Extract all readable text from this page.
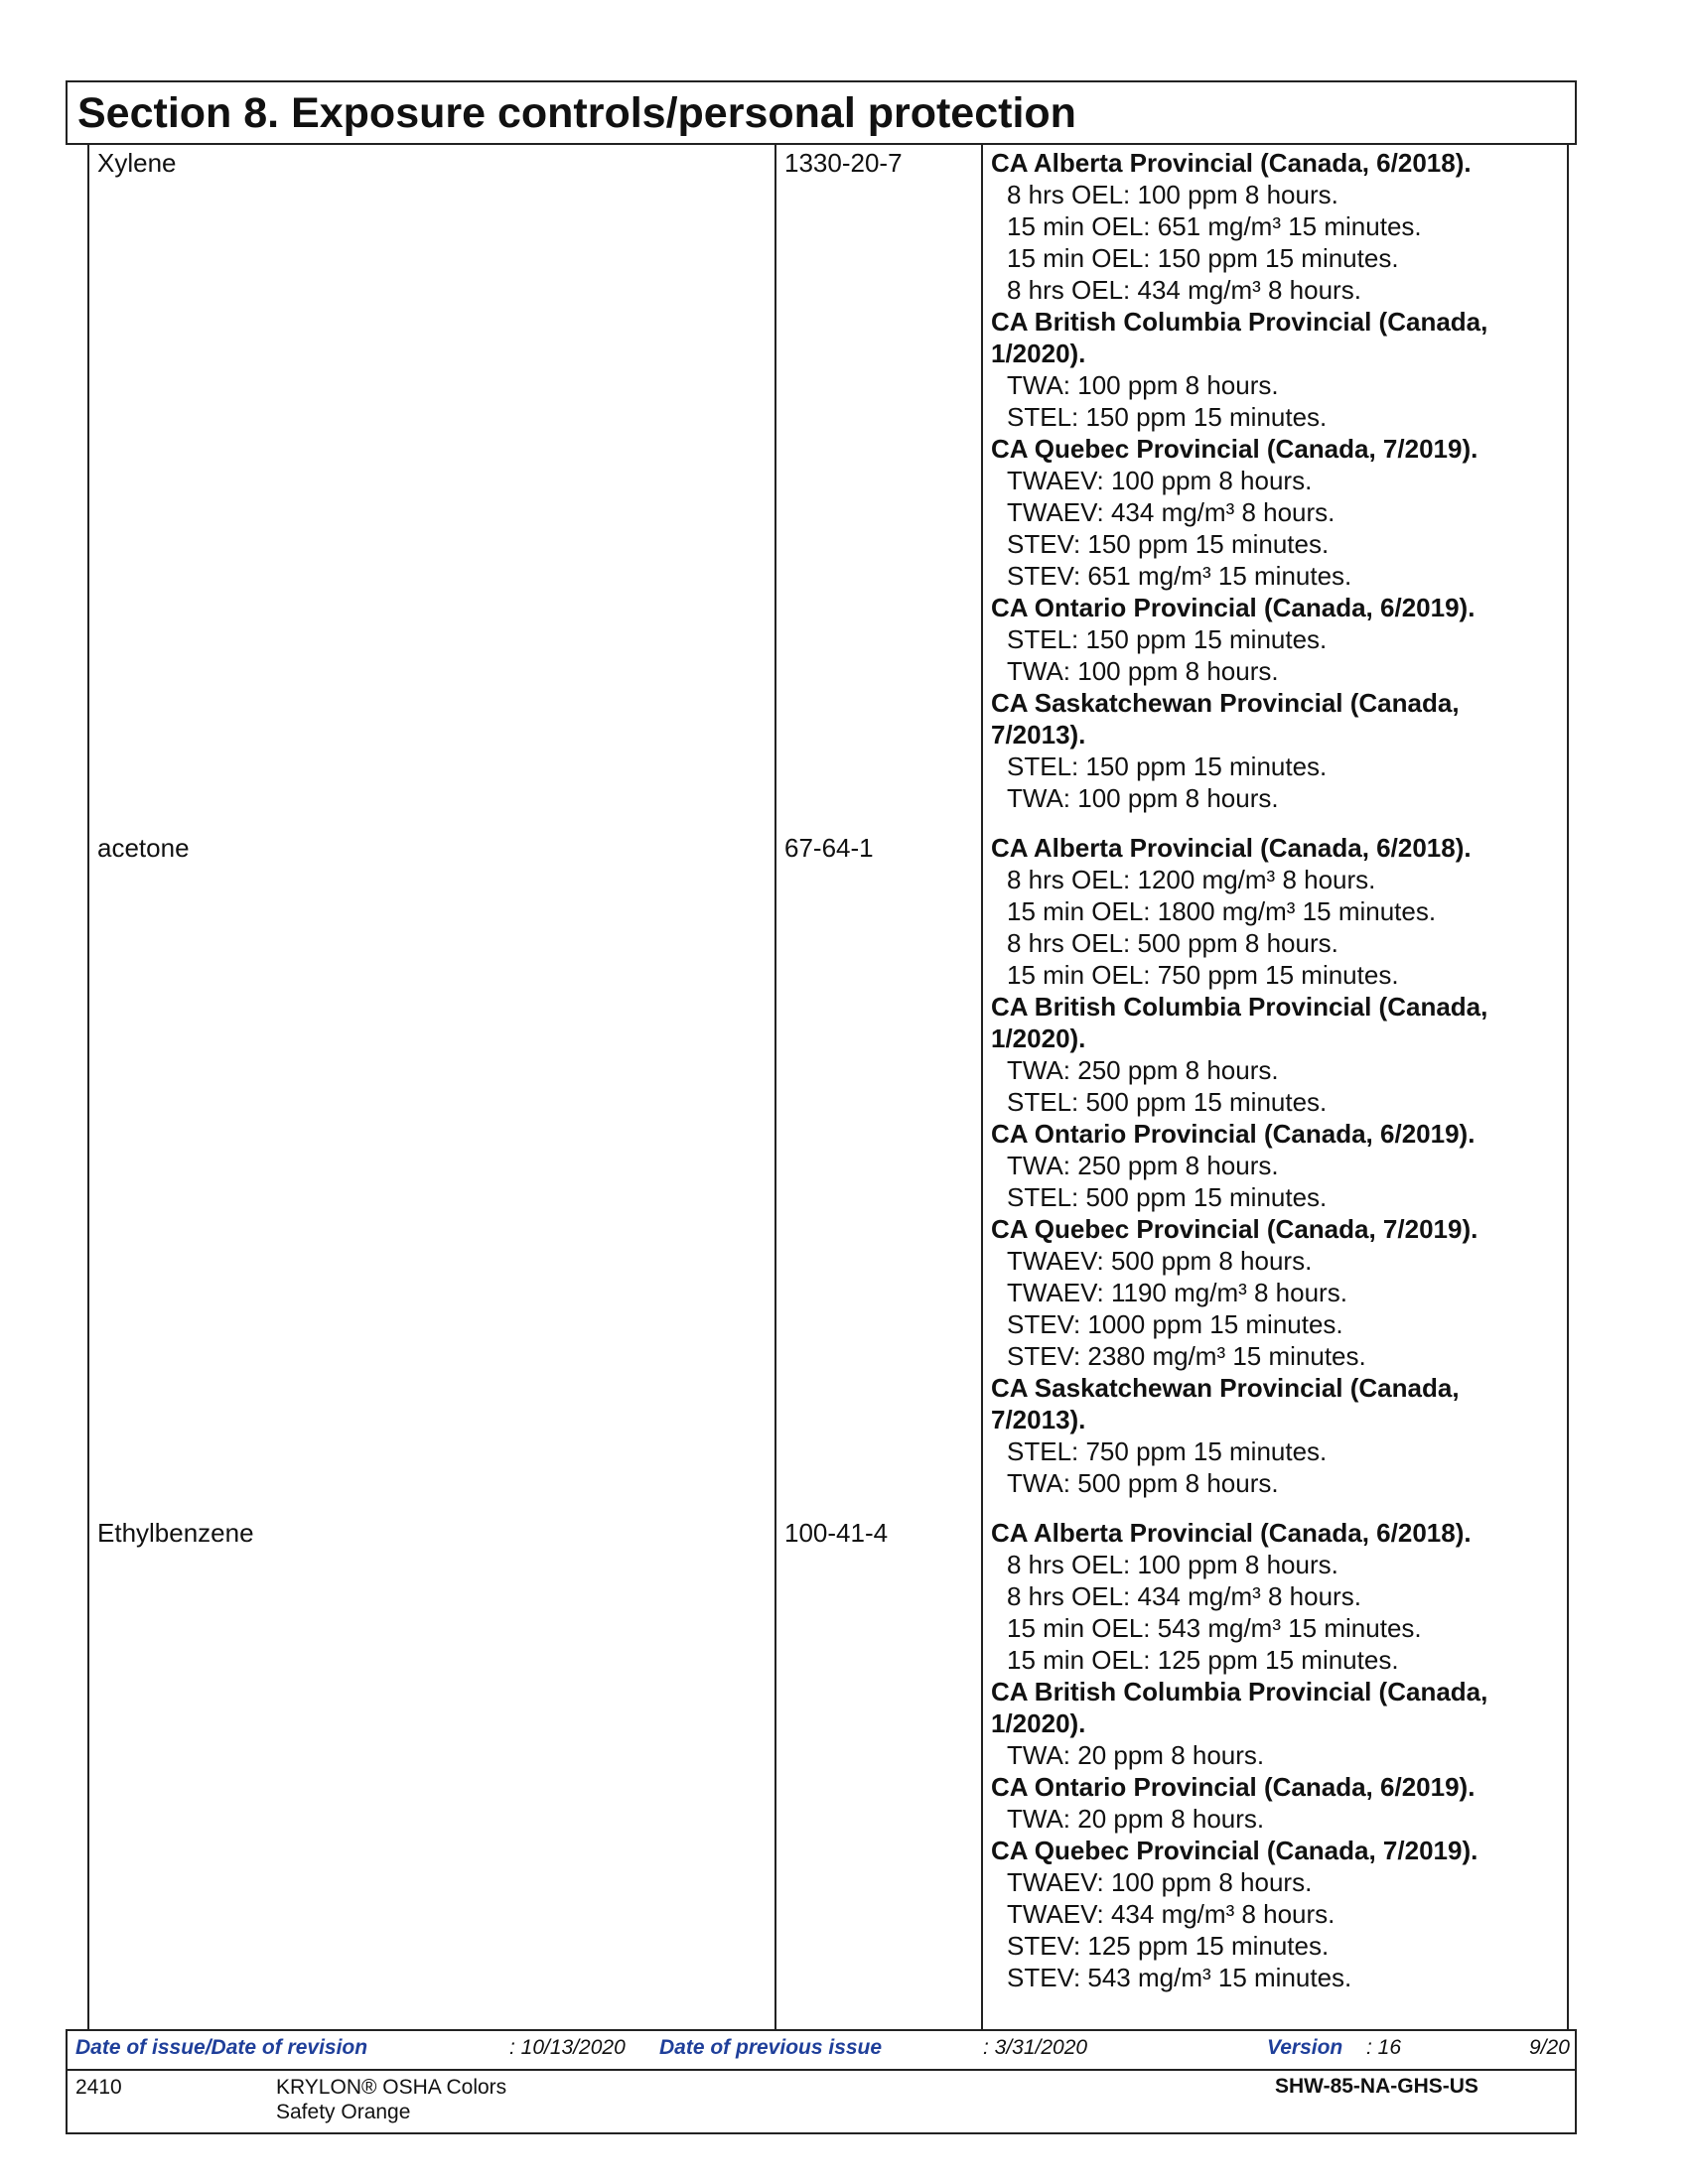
Section 8. Exposure controls/personal protection
Xylene	1330-20-7	CA Alberta Provincial (Canada, 6/2018).
8 hrs OEL: 100 ppm 8 hours.
15 min OEL: 651 mg/m³ 15 minutes.
15 min OEL: 150 ppm 15 minutes.
8 hrs OEL: 434 mg/m³ 8 hours.
CA British Columbia Provincial (Canada,
1/2020).
TWA: 100 ppm 8 hours.
STEL: 150 ppm 15 minutes.
CA Quebec Provincial (Canada, 7/2019).
TWAEV: 100 ppm 8 hours.
TWAEV: 434 mg/m³ 8 hours.
STEV: 150 ppm 15 minutes.
STEV: 651 mg/m³ 15 minutes.
CA Ontario Provincial (Canada, 6/2019).
STEL: 150 ppm 15 minutes.
TWA: 100 ppm 8 hours.
CA Saskatchewan Provincial (Canada,
7/2013).
STEL: 150 ppm 15 minutes.
TWA: 100 ppm 8 hours.
acetone	67-64-1	CA Alberta Provincial (Canada, 6/2018).
8 hrs OEL: 1200 mg/m³ 8 hours.
15 min OEL: 1800 mg/m³ 15 minutes.
8 hrs OEL: 500 ppm 8 hours.
15 min OEL: 750 ppm 15 minutes.
CA British Columbia Provincial (Canada,
1/2020).
TWA: 250 ppm 8 hours.
STEL: 500 ppm 15 minutes.
CA Ontario Provincial (Canada, 6/2019).
TWA: 250 ppm 8 hours.
STEL: 500 ppm 15 minutes.
CA Quebec Provincial (Canada, 7/2019).
TWAEV: 500 ppm 8 hours.
TWAEV: 1190 mg/m³ 8 hours.
STEV: 1000 ppm 15 minutes.
STEV: 2380 mg/m³ 15 minutes.
CA Saskatchewan Provincial (Canada,
7/2013).
STEL: 750 ppm 15 minutes.
TWA: 500 ppm 8 hours.
Ethylbenzene	100-41-4	CA Alberta Provincial (Canada, 6/2018).
8 hrs OEL: 100 ppm 8 hours.
8 hrs OEL: 434 mg/m³ 8 hours.
15 min OEL: 543 mg/m³ 15 minutes.
15 min OEL: 125 ppm 15 minutes.
CA British Columbia Provincial (Canada,
1/2020).
TWA: 20 ppm 8 hours.
CA Ontario Provincial (Canada, 6/2019).
TWA: 20 ppm 8 hours.
CA Quebec Provincial (Canada, 7/2019).
TWAEV: 100 ppm 8 hours.
TWAEV: 434 mg/m³ 8 hours.
STEV: 125 ppm 15 minutes.
STEV: 543 mg/m³ 15 minutes.
Date of issue/Date of revision	: 10/13/2020 Date of previous issue	: 3/31/2020	Version : 16	9/20
2410	KRYLON® OSHA Colors
Safety Orange
SHW-85-NA-GHS-US
